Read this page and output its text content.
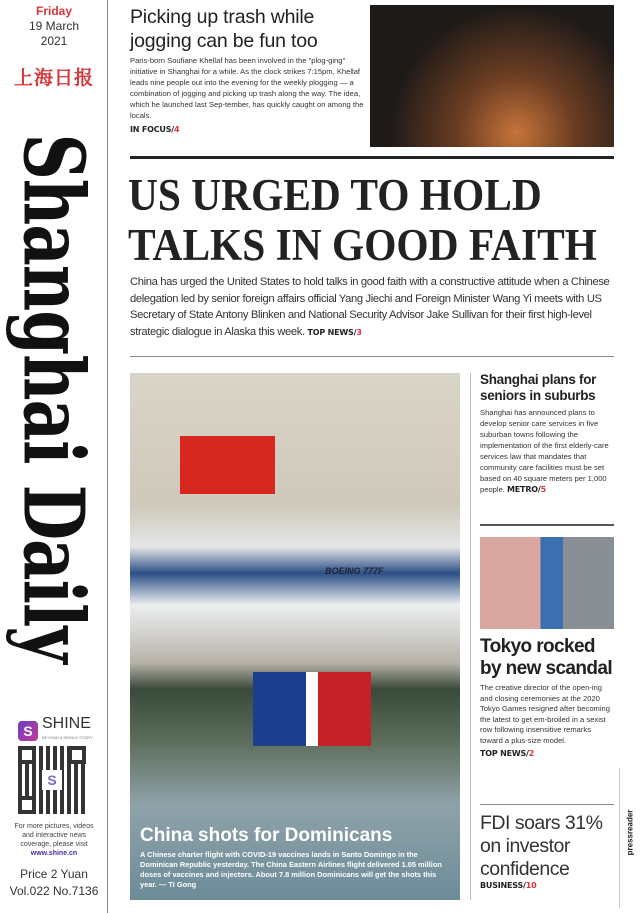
Friday
19 March
2021
上海日报
Shanghai Daily
S SHINE
BEYOND A SINGLE STORY
S
For more pictures, videos and interactive news coverage, please visit
www.shine.cn
Price 2 Yuan
Vol.022 No.7136
Picking up trash while jogging can be fun too
Paris-born Soufiane Khellaf has been involved in the "plog-ging" initiative in Shanghai for a while. As the clock strikes 7:15pm, Khellaf leads nine people out into the evening for the weekly plogging — a combination of jogging and picking up trash along the way. The idea, which he launched last Sep-tember, has quickly caught on among the locals.
IN FOCUS/4
US URGED TO HOLD
TALKS IN GOOD FAITH
China has urged the United States to hold talks in good faith with a constructive attitude when a Chinese delegation led by senior foreign affairs official Yang Jiechi and Foreign Minister Wang Yi meets with US Secretary of State Antony Blinken and National Security Advisor Jake Sullivan for their first high-level strategic dialogue in Alaska this week. TOP NEWS/3
BOEING 777F
China shots for Dominicans
A Chinese charter flight with COVID-19 vaccines lands in Santo Domingo in the Dominican Republic yesterday. The China Eastern Airlines flight delivered 1.05 million doses of vaccines and injectors. About 7.8 million Dominicans will get the shots this year. — Ti Gong
Shanghai plans for seniors in suburbs
Shanghai has announced plans to develop senior care services in five suburban towns following the implementation of the first elderly-care services law that mandates that community care facilities must be set based on 40 square meters per 1,000 people. METRO/5
Tokyo rocked by new scandal
The creative director of the open-ing and closing ceremonies at the 2020 Tokyo Games resigned after becoming the latest to get em-broiled in a sexist row following insensitive remarks toward a plus-size model.
TOP NEWS/2
FDI soars 31% on investor confidence
BUSINESS/10
pressreader
